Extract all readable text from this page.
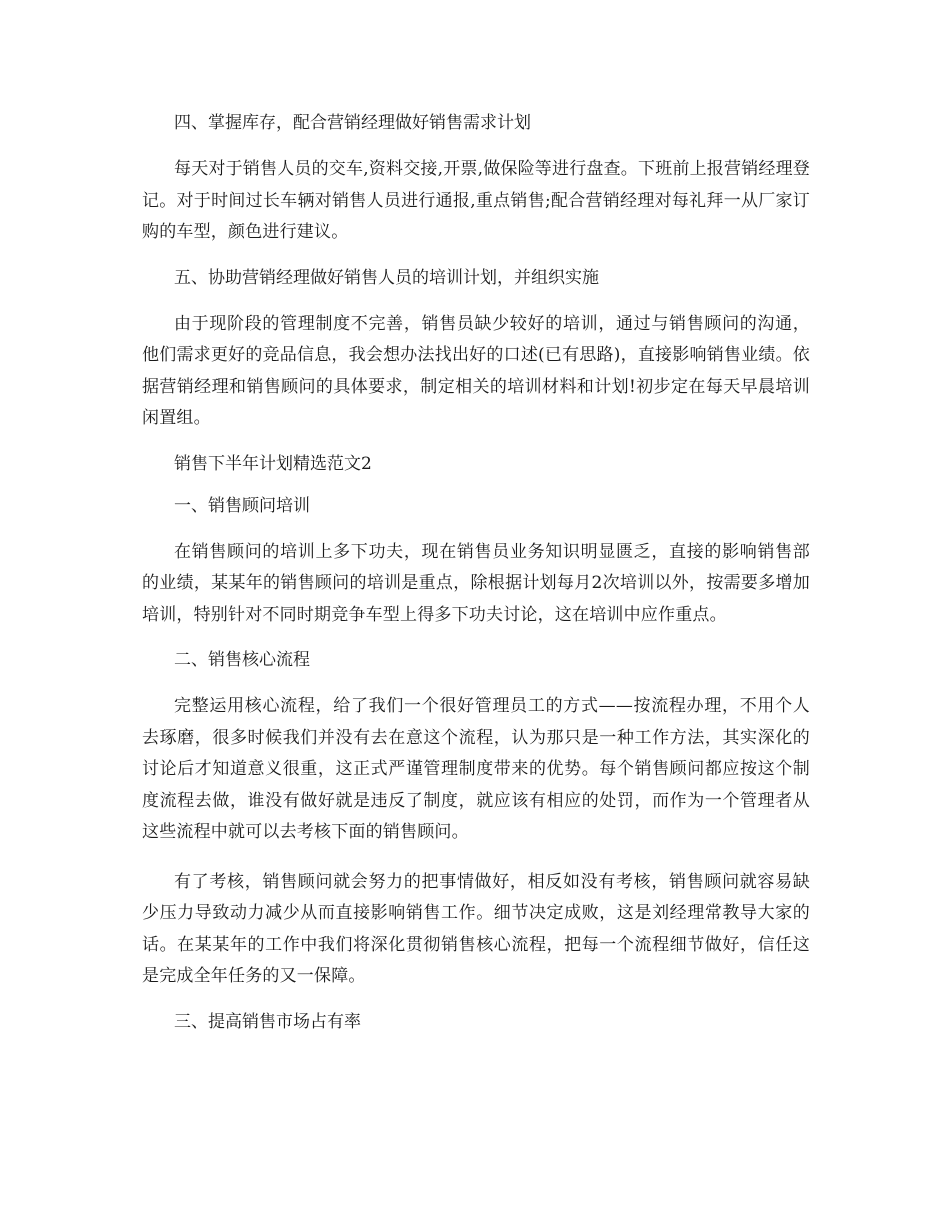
四、掌握库存，配合营销经理做好销售需求计划

每天对于销售人员的交车,资料交接,开票,做保险等进行盘查。下班前上报营销经理登记。对于时间过长车辆对销售人员进行通报,重点销售;配合营销经理对每礼拜一从厂家订购的车型，颜色进行建议。

五、协助营销经理做好销售人员的培训计划，并组织实施

由于现阶段的管理制度不完善，销售员缺少较好的培训，通过与销售顾问的沟通，他们需求更好的竞品信息，我会想办法找出好的口述(已有思路)，直接影响销售业绩。依据营销经理和销售顾问的具体要求，制定相关的培训材料和计划!初步定在每天早晨培训闲置组。

销售下半年计划精选范文2

一、销售顾问培训

在销售顾问的培训上多下功夫，现在销售员业务知识明显匮乏，直接的影响销售部的业绩，某某年的销售顾问的培训是重点，除根据计划每月2次培训以外，按需要多增加培训，特别针对不同时期竞争车型上得多下功夫讨论，这在培训中应作重点。

二、销售核心流程

完整运用核心流程，给了我们一个很好管理员工的方式——按流程办理，不用个人去琢磨，很多时候我们并没有去在意这个流程，认为那只是一种工作方法，其实深化的讨论后才知道意义很重，这正式严谨管理制度带来的优势。每个销售顾问都应按这个制度流程去做，谁没有做好就是违反了制度，就应该有相应的处罚，而作为一个管理者从这些流程中就可以去考核下面的销售顾问。

有了考核，销售顾问就会努力的把事情做好，相反如没有考核，销售顾问就容易缺少压力导致动力减少从而直接影响销售工作。细节决定成败，这是刘经理常教导大家的话。在某某年的工作中我们将深化贯彻销售核心流程，把每一个流程细节做好，信任这是完成全年任务的又一保障。

三、提高销售市场占有率
